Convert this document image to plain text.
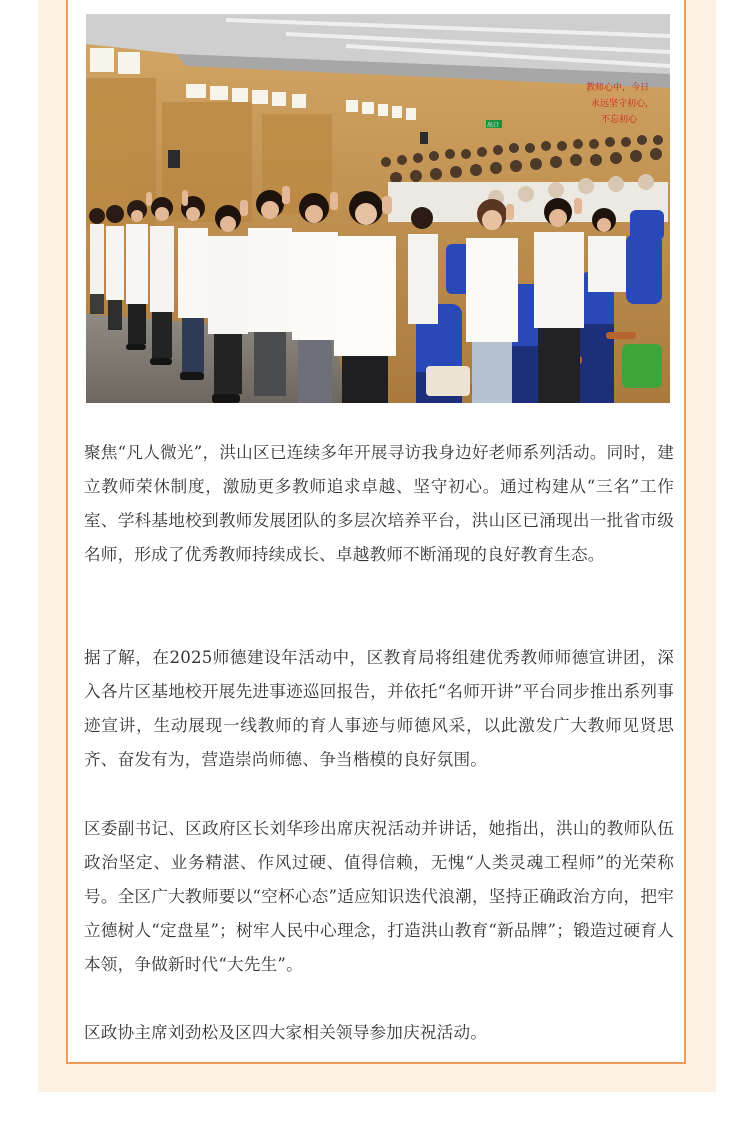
教师心中，今日
永远坚守初心，
不忘初心
出口

聚焦“凡人微光”，洪山区已连续多年开展寻访我身边好老师系列活动。同时，建立教师荣休制度，激励更多教师追求卓越、坚守初心。通过构建从“三名”工作室、学科基地校到教师发展团队的多层次培养平台，洪山区已涌现出一批省市级名师，形成了优秀教师持续成长、卓越教师不断涌现的良好教育生态。

据了解，在2025师德建设年活动中，区教育局将组建优秀教师师德宣讲团，深入各片区基地校开展先进事迹巡回报告，并依托“名师开讲”平台同步推出系列事迹宣讲，生动展现一线教师的育人事迹与师德风采，以此激发广大教师见贤思齐、奋发有为，营造崇尚师德、争当楷模的良好氛围。

区委副书记、区政府区长刘华珍出席庆祝活动并讲话，她指出，洪山的教师队伍政治坚定、业务精湛、作风过硬、值得信赖，无愧“人类灵魂工程师”的光荣称号。全区广大教师要以“空杯心态”适应知识迭代浪潮，坚持正确政治方向，把牢立德树人“定盘星”；树牢人民中心理念，打造洪山教育“新品牌”；锻造过硬育人本领，争做新时代“大先生”。

区政协主席刘劲松及区四大家相关领导参加庆祝活动。
